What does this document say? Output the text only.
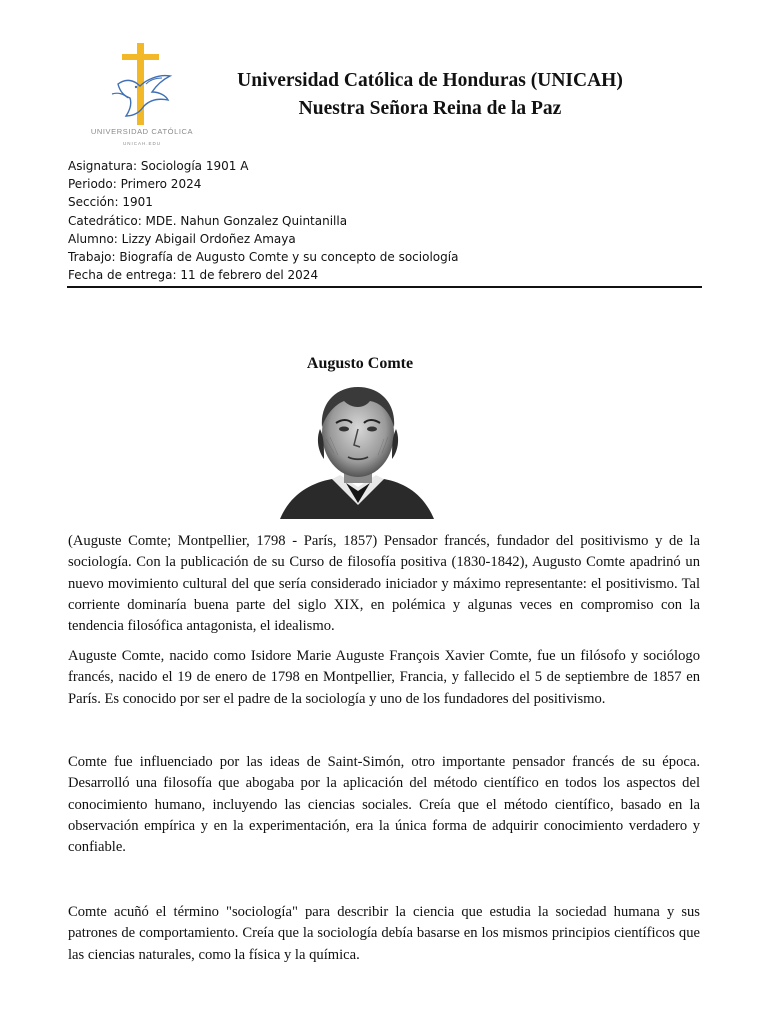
UNIVERSIDAD CATÓLICA
UNICAH.EDU
Universidad Católica de Honduras (UNICAH)
Nuestra Señora Reina de la Paz
Asignatura: Sociología 1901 A
Periodo: Primero 2024
Sección: 1901
Catedrático: MDE. Nahun Gonzalez Quintanilla
Alumno: Lizzy Abigail Ordoñez Amaya
Trabajo: Biografía de Augusto Comte y su concepto de sociología
Fecha de entrega: 11 de febrero del 2024
Augusto Comte
(Auguste Comte; Montpellier, 1798 - París, 1857) Pensador francés, fundador del positivismo y de la sociología. Con la publicación de su Curso de filosofía positiva (1830-1842), Augusto Comte apadrinó un nuevo movimiento cultural del que sería considerado iniciador y máximo representante: el positivismo. Tal corriente dominaría buena parte del siglo XIX, en polémica y algunas veces en compromiso con la tendencia filosófica antagonista, el idealismo.
Auguste Comte, nacido como Isidore Marie Auguste François Xavier Comte, fue un filósofo y sociólogo francés, nacido el 19 de enero de 1798 en Montpellier, Francia, y fallecido el 5 de septiembre de 1857 en París. Es conocido por ser el padre de la sociología y uno de los fundadores del positivismo.
Comte fue influenciado por las ideas de Saint-Simón, otro importante pensador francés de su época. Desarrolló una filosofía que abogaba por la aplicación del método científico en todos los aspectos del conocimiento humano, incluyendo las ciencias sociales. Creía que el método científico, basado en la observación empírica y en la experimentación, era la única forma de adquirir conocimiento verdadero y confiable.
Comte acuñó el término "sociología" para describir la ciencia que estudia la sociedad humana y sus patrones de comportamiento. Creía que la sociología debía basarse en los mismos principios científicos que las ciencias naturales, como la física y la química.
